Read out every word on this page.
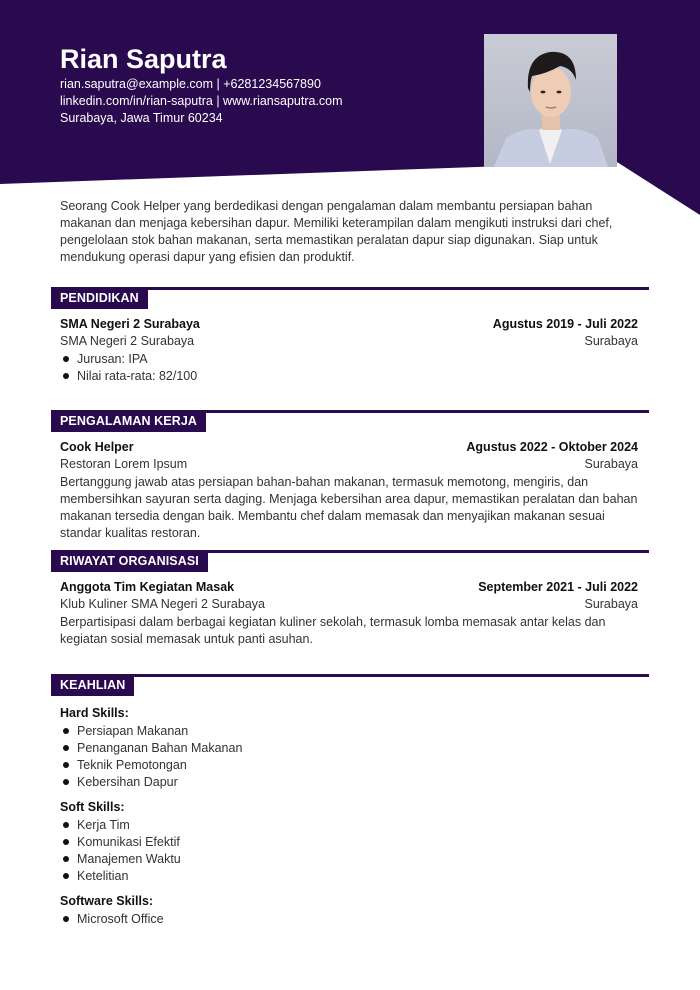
Rian Saputra
rian.saputra@example.com | +6281234567890
linkedin.com/in/rian-saputra | www.riansaputra.com
Surabaya, Jawa Timur 60234
Seorang Cook Helper yang berdedikasi dengan pengalaman dalam membantu persiapan bahan makanan dan menjaga kebersihan dapur. Memiliki keterampilan dalam mengikuti instruksi dari chef, pengelolaan stok bahan makanan, serta memastikan peralatan dapur siap digunakan. Siap untuk mendukung operasi dapur yang efisien dan produktif.
PENDIDIKAN
SMA Negeri 2 Surabaya	Agustus 2019 - Juli 2022
SMA Negeri 2 Surabaya	Surabaya
Jurusan: IPA
Nilai rata-rata: 82/100
PENGALAMAN KERJA
Cook Helper	Agustus 2022 - Oktober 2024
Restoran Lorem Ipsum	Surabaya
Bertanggung jawab atas persiapan bahan-bahan makanan, termasuk memotong, mengiris, dan membersihkan sayuran serta daging. Menjaga kebersihan area dapur, memastikan peralatan dan bahan makanan tersedia dengan baik. Membantu chef dalam memasak dan menyajikan makanan sesuai standar kualitas restoran.
RIWAYAT ORGANISASI
Anggota Tim Kegiatan Masak	September 2021 - Juli 2022
Klub Kuliner SMA Negeri 2 Surabaya	Surabaya
Berpartisipasi dalam berbagai kegiatan kuliner sekolah, termasuk lomba memasak antar kelas dan kegiatan sosial memasak untuk panti asuhan.
KEAHLIAN
Hard Skills:
Persiapan Makanan
Penanganan Bahan Makanan
Teknik Pemotongan
Kebersihan Dapur
Soft Skills:
Kerja Tim
Komunikasi Efektif
Manajemen Waktu
Ketelitian
Software Skills:
Microsoft Office
